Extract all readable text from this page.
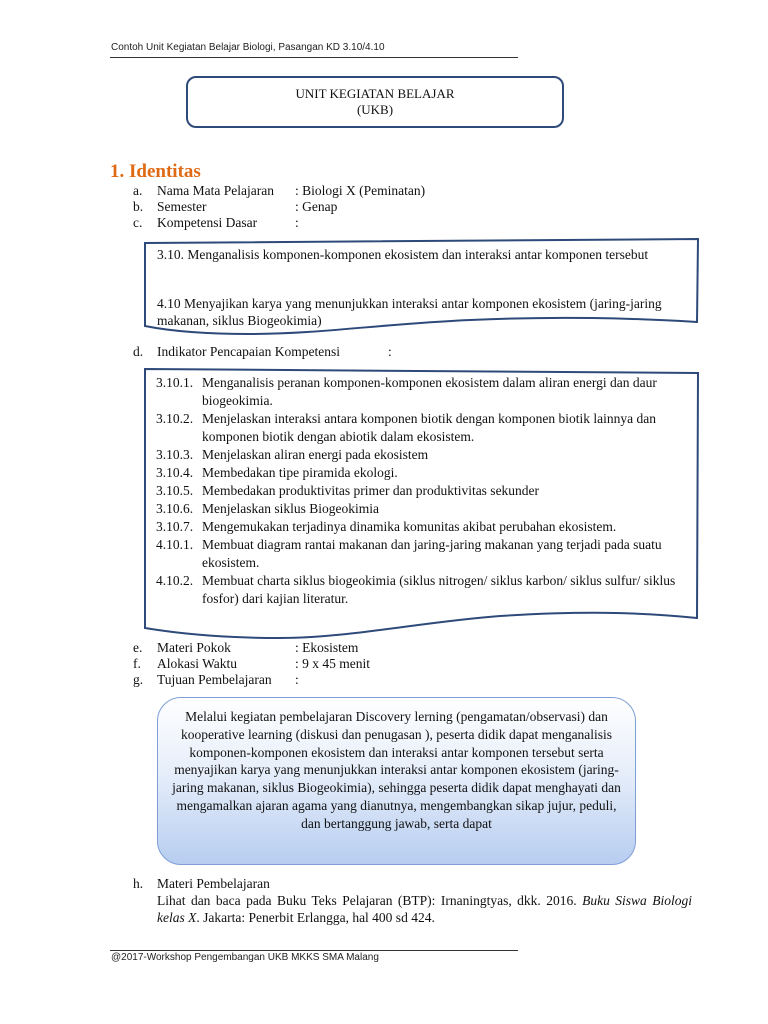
Contoh Unit Kegiatan Belajar Biologi, Pasangan KD 3.10/4.10
UNIT KEGIATAN BELAJAR
(UKB)
1. Identitas
a. Nama Mata Pelajaran : Biologi X (Peminatan)
b. Semester	: Genap
c. Kompetensi Dasar	:
3.10. Menganalisis komponen-komponen ekosistem dan interaksi antar komponen tersebut
4.10 Menyajikan karya yang menunjukkan interaksi antar komponen ekosistem (jaring-jaring makanan, siklus Biogeokimia)
d. Indikator Pencapaian Kompetensi	:
3.10.1. Menganalisis peranan komponen-komponen ekosistem dalam aliran energi dan daur biogeokimia.
3.10.2. Menjelaskan interaksi antara komponen biotik dengan komponen biotik lainnya dan komponen biotik dengan abiotik dalam ekosistem.
3.10.3. Menjelaskan aliran energi pada ekosistem
3.10.4. Membedakan tipe piramida ekologi.
3.10.5. Membedakan produktivitas primer dan produktivitas sekunder
3.10.6. Menjelaskan siklus Biogeokimia
3.10.7. Mengemukakan terjadinya dinamika komunitas akibat perubahan ekosistem.
4.10.1. Membuat diagram rantai makanan dan jaring-jaring makanan yang terjadi pada suatu ekosistem.
4.10.2. Membuat charta siklus biogeokimia (siklus nitrogen/ siklus karbon/ siklus sulfur/ siklus fosfor) dari kajian literatur.
e. Materi Pokok	: Ekosistem
f. Alokasi Waktu	: 9 x 45 menit
g. Tujuan Pembelajaran :
Melalui kegiatan pembelajaran Discovery lerning (pengamatan/observasi) dan kooperative learning (diskusi dan penugasan ), peserta didik dapat menganalisis komponen-komponen ekosistem dan interaksi antar komponen tersebut serta menyajikan karya yang menunjukkan interaksi antar komponen ekosistem (jaring-jaring makanan, siklus Biogeokimia), sehingga peserta didik dapat menghayati dan mengamalkan ajaran agama yang dianutnya, mengembangkan sikap jujur, peduli, dan bertanggung jawab, serta dapat
h. Materi Pembelajaran
Lihat dan baca pada Buku Teks Pelajaran (BTP): Irnaningtyas, dkk. 2016. Buku Siswa Biologi kelas X. Jakarta: Penerbit Erlangga, hal 400 sd 424.
@2017-Workshop Pengembangan UKB MKKS SMA Malang
